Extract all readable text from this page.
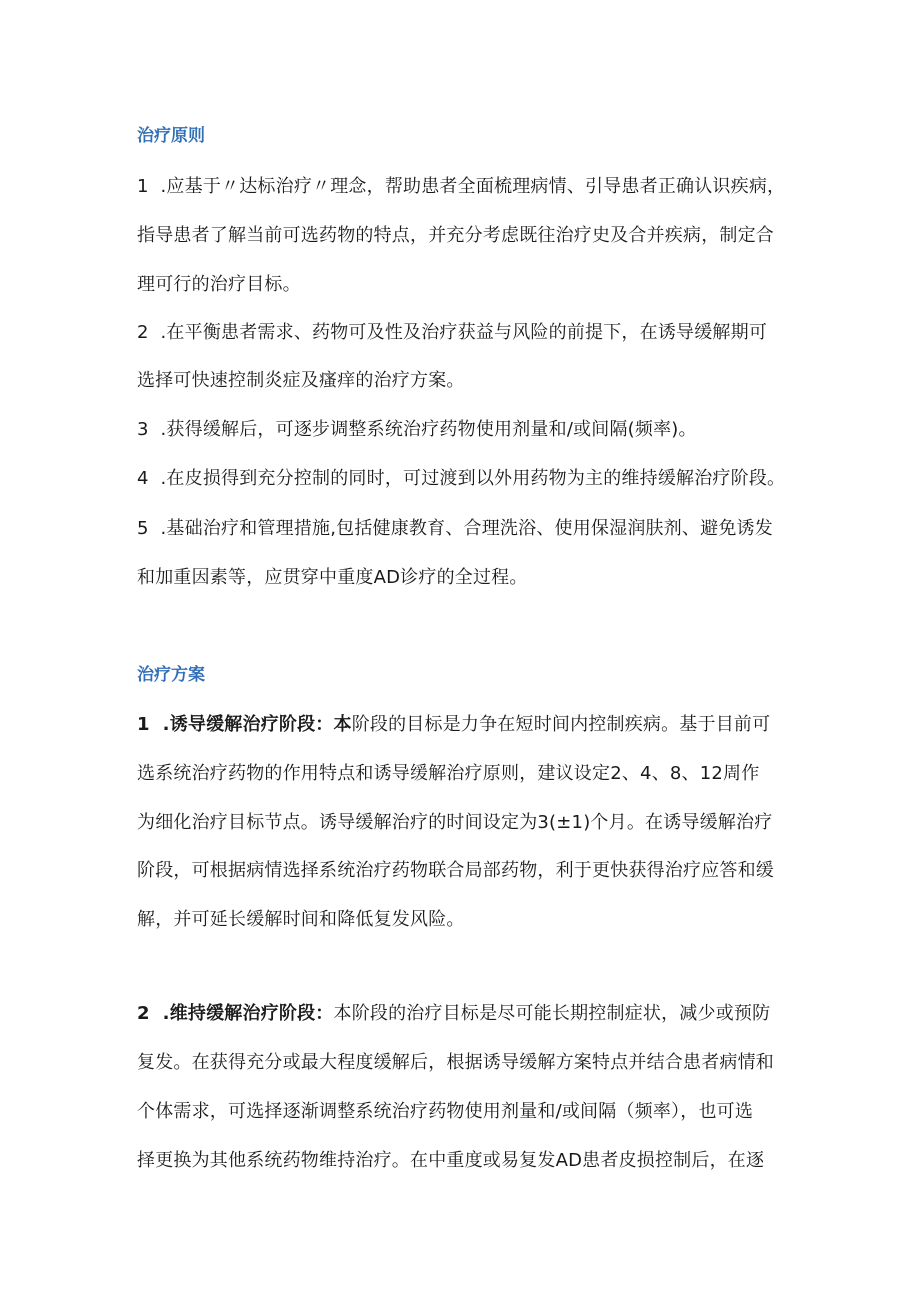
治疗原则
1  .应基于〃达标治疗〃理念，帮助患者全面梳理病情、引导患者正确认识疾病，
指导患者了解当前可选药物的特点，并充分考虑既往治疗史及合并疾病，制定合
理可行的治疗目标。
2  .在平衡患者需求、药物可及性及治疗获益与风险的前提下，在诱导缓解期可
选择可快速控制炎症及瘙痒的治疗方案。
3  .获得缓解后，可逐步调整系统治疗药物使用剂量和/或间隔(频率)。
4  .在皮损得到充分控制的同时，可过渡到以外用药物为主的维持缓解治疗阶段。
5  .基础治疗和管理措施,包括健康教育、合理洗浴、使用保湿润肤剂、避免诱发
和加重因素等，应贯穿中重度AD诊疗的全过程。
治疗方案
1  .诱导缓解治疗阶段：本阶段的目标是力争在短时间内控制疾病。基于目前可
选系统治疗药物的作用特点和诱导缓解治疗原则，建议设定2、4、8、12周作
为细化治疗目标节点。诱导缓解治疗的时间设定为3(±1)个月。在诱导缓解治疗
阶段，可根据病情选择系统治疗药物联合局部药物，利于更快获得治疗应答和缓
解，并可延长缓解时间和降低复发风险。
2  .维持缓解治疗阶段：本阶段的治疗目标是尽可能长期控制症状，减少或预防
复发。在获得充分或最大程度缓解后，根据诱导缓解方案特点并结合患者病情和
个体需求，可选择逐渐调整系统治疗药物使用剂量和/或间隔（频率），也可选
择更换为其他系统药物维持治疗。在中重度或易复发AD患者皮损控制后，在逐
